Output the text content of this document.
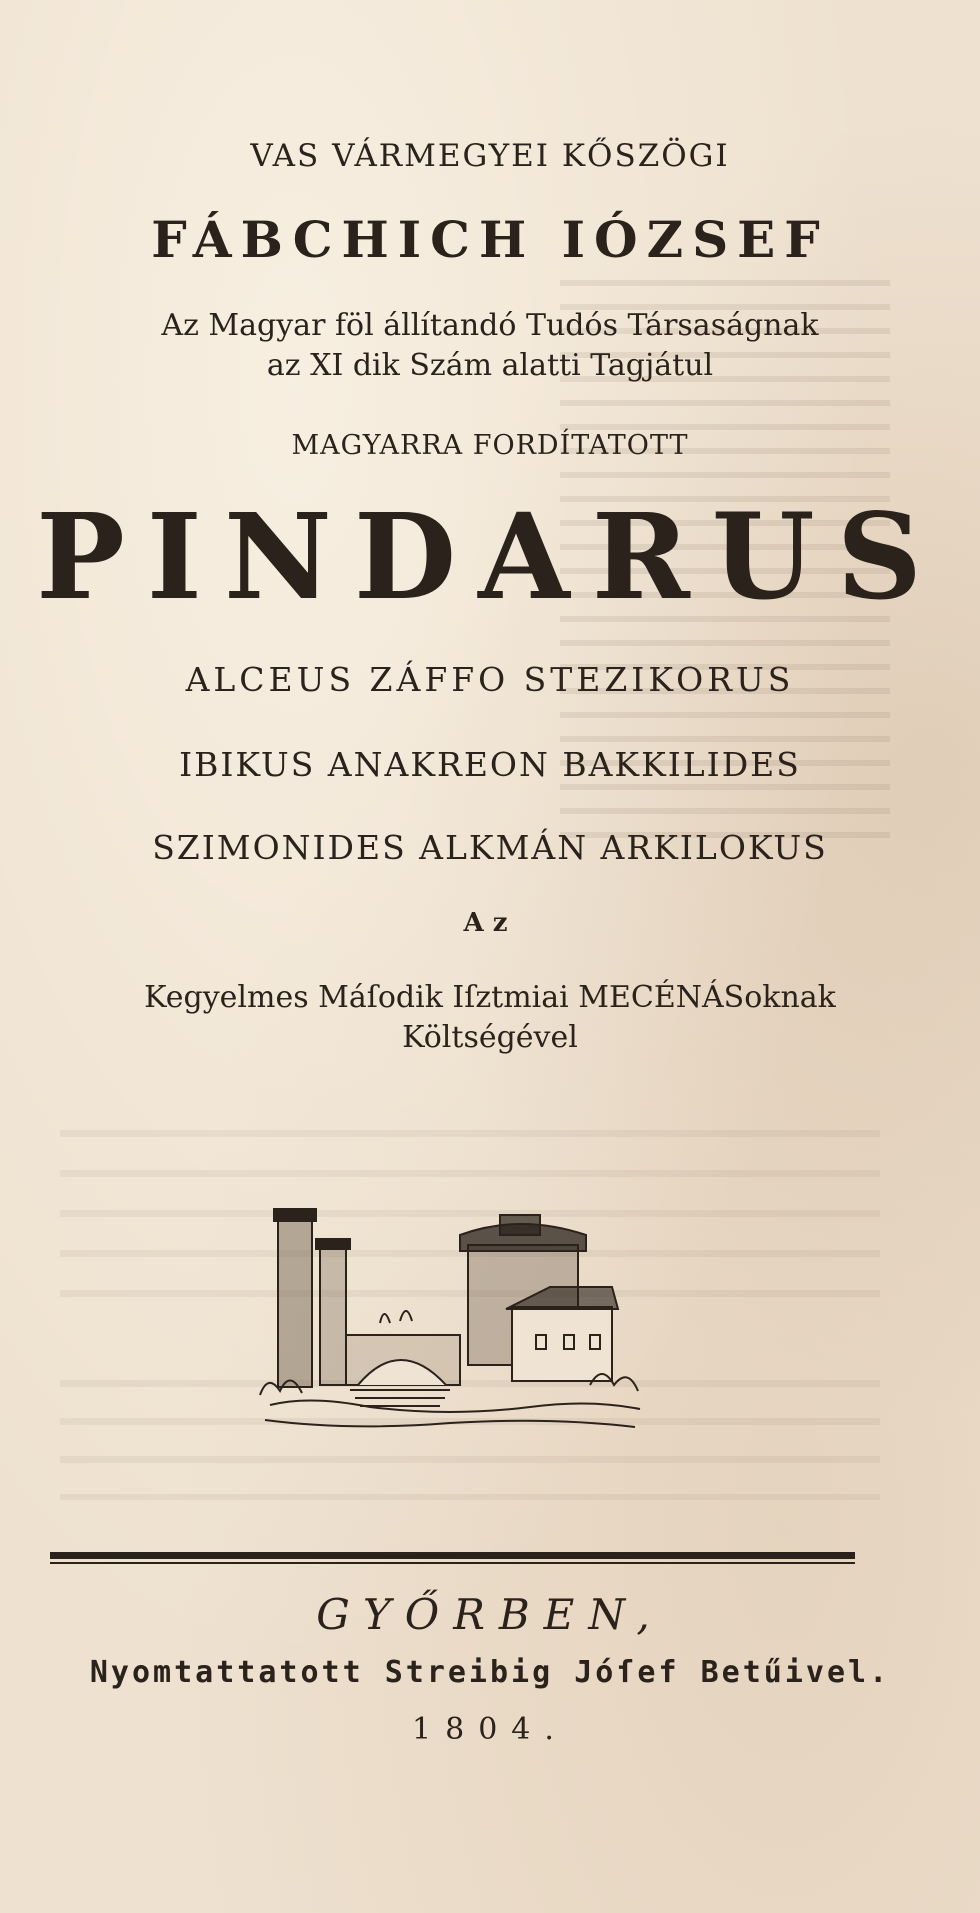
VAS VÁRMEGYEI KŐSZÖGI
FÁBCHICH IÓZSEF
Az Magyar föl állítandó Tudós Társaságnak
az XI dik Szám alatti Tagjátul
MAGYARRA FORDÍTATOTT
PINDARUS
ALCEUS ZÁFFO STEZIKORUS
IBIKUS ANAKREON BAKKILIDES
SZIMONIDES ALKMÁN ARKILOKUS
Az
Kegyelmes Máſodik Iſztmiai MECÉNÁSoknak
Költségével
GYŐRBEN,
Nyomtattatott Streibig Jóſef Betűivel.
1804.
